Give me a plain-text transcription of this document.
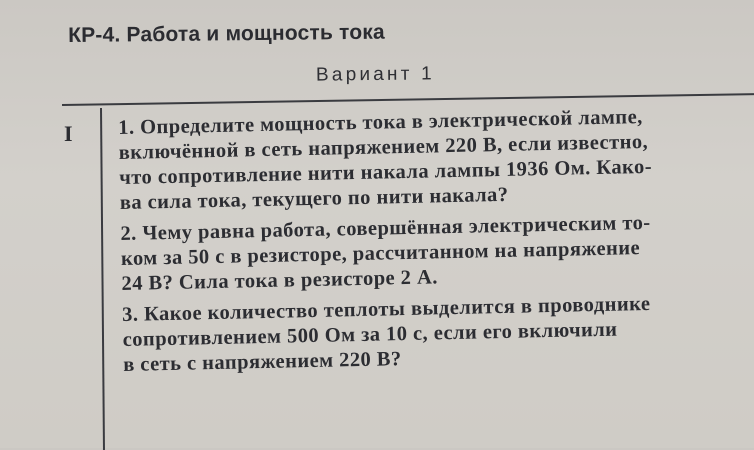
КР-4. Работа и мощность тока
Вариант 1
I 1. Определите мощность тока в электрической лампе,
включённой в сеть напряжением 220 В, если известно,
что сопротивление нити накала лампы 1936 Ом. Како-
ва сила тока, текущего по нити накала?
2. Чему равна работа, совершённая электрическим то-
ком за 50 с в резисторе, рассчитанном на напряжение
24 В? Сила тока в резисторе 2 А.
3. Какое количество теплоты выделится в проводнике
сопротивлением 500 Ом за 10 с, если его включили
в сеть с напряжением 220 В?
